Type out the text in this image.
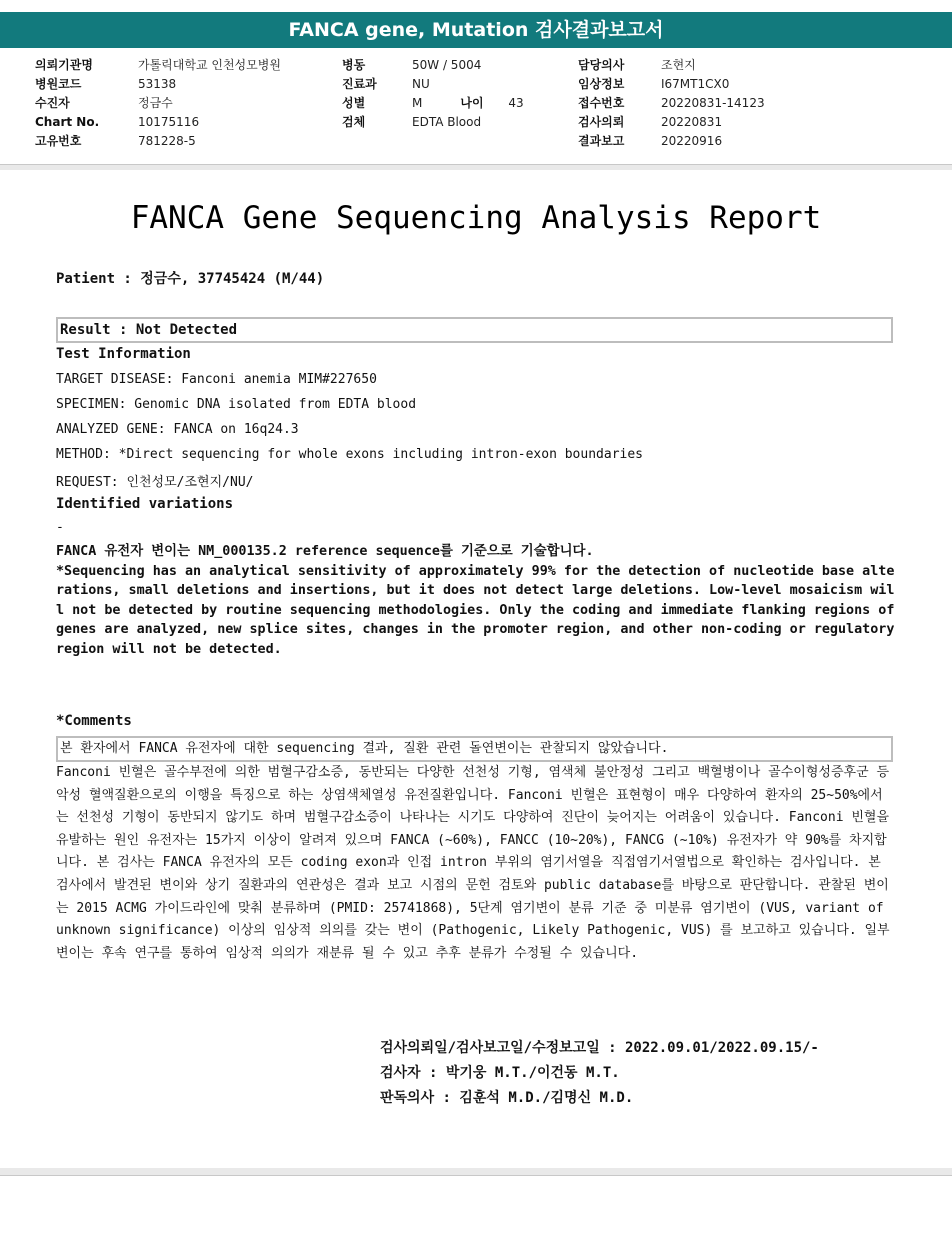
FANCA gene, Mutation 검사결과보고서
의뢰기관명	가톨릭대학교 인천성모병원
병원코드	53138
수진자	정금수
Chart No.	10175116
고유번호	781228-5
병동	50W / 5004
진료과	NU
성별	M	나이 43
검체	EDTA Blood
담당의사	조현지
임상정보	I67MT1CX0
접수번호	20220831-14123
검사의뢰	20220831
결과보고	20220916
FANCA Gene Sequencing Analysis Report
Patient : 정금수, 37745424 (M/44)
Result : Not Detected
Test Information
TARGET DISEASE: Fanconi anemia MIM#227650
SPECIMEN: Genomic DNA isolated from EDTA blood
ANALYZED GENE: FANCA on 16q24.3
METHOD: *Direct sequencing for whole exons including intron-exon boundaries
REQUEST: 인천성모/조현지/NU/
Identified variations
-
FANCA 유전자 변이는 NM_000135.2 reference sequence를 기준으로 기술합니다.
*Sequencing has an analytical sensitivity of approximately 99% for the detection of nucleotide base alterations, small deletions and insertions, but it does not detect large deletions. Low-level mosaicism will not be detected by routine sequencing methodologies. Only the coding and immediate flanking regions of genes are analyzed, new splice sites, changes in the promoter region, and other non-coding or regulatory region will not be detected.
*Comments
본 환자에서 FANCA 유전자에 대한 sequencing 결과, 질환 관련 돌연변이는 관찰되지 않았습니다.
Fanconi 빈혈은 골수부전에 의한 범혈구감소증, 동반되는 다양한 선천성 기형, 염색체 불안정성 그리고 백혈병이나 골수이형성증후군 등 악성 혈액질환으로의 이행을 특징으로 하는 상염색체열성 유전질환입니다. Fanconi 빈혈은 표현형이 매우 다양하여 환자의 25~50%에서는 선천성 기형이 동반되지 않기도 하며 범혈구감소증이 나타나는 시기도 다양하여 진단이 늦어지는 어려움이 있습니다. Fanconi 빈혈을 유발하는 원인 유전자는 15가지 이상이 알려져 있으며 FANCA (~60%), FANCC (10~20%), FANCG (~10%) 유전자가 약 90%를 차지합니다. 본 검사는 FANCA 유전자의 모든 coding exon과 인접 intron 부위의 염기서열을 직접염기서열법으로 확인하는 검사입니다. 본 검사에서 발견된 변이와 상기 질환과의 연관성은 결과 보고 시점의 문헌 검토와 public database를 바탕으로 판단합니다. 관찰된 변이는 2015 ACMG 가이드라인에 맞춰 분류하며 (PMID: 25741868), 5단계 염기변이 분류 기준 중 미분류 염기변이 (VUS, variant of unknown significance) 이상의 임상적 의의를 갖는 변이 (Pathogenic, Likely Pathogenic, VUS) 를 보고하고 있습니다. 일부 변이는 후속 연구를 통하여 임상적 의의가 재분류 될 수 있고 추후 분류가 수정될 수 있습니다.
검사의뢰일/검사보고일/수정보고일 : 2022.09.01/2022.09.15/-
검사자 : 박기웅 M.T./이건동 M.T.
판독의사 : 김훈석 M.D./김명신 M.D.
